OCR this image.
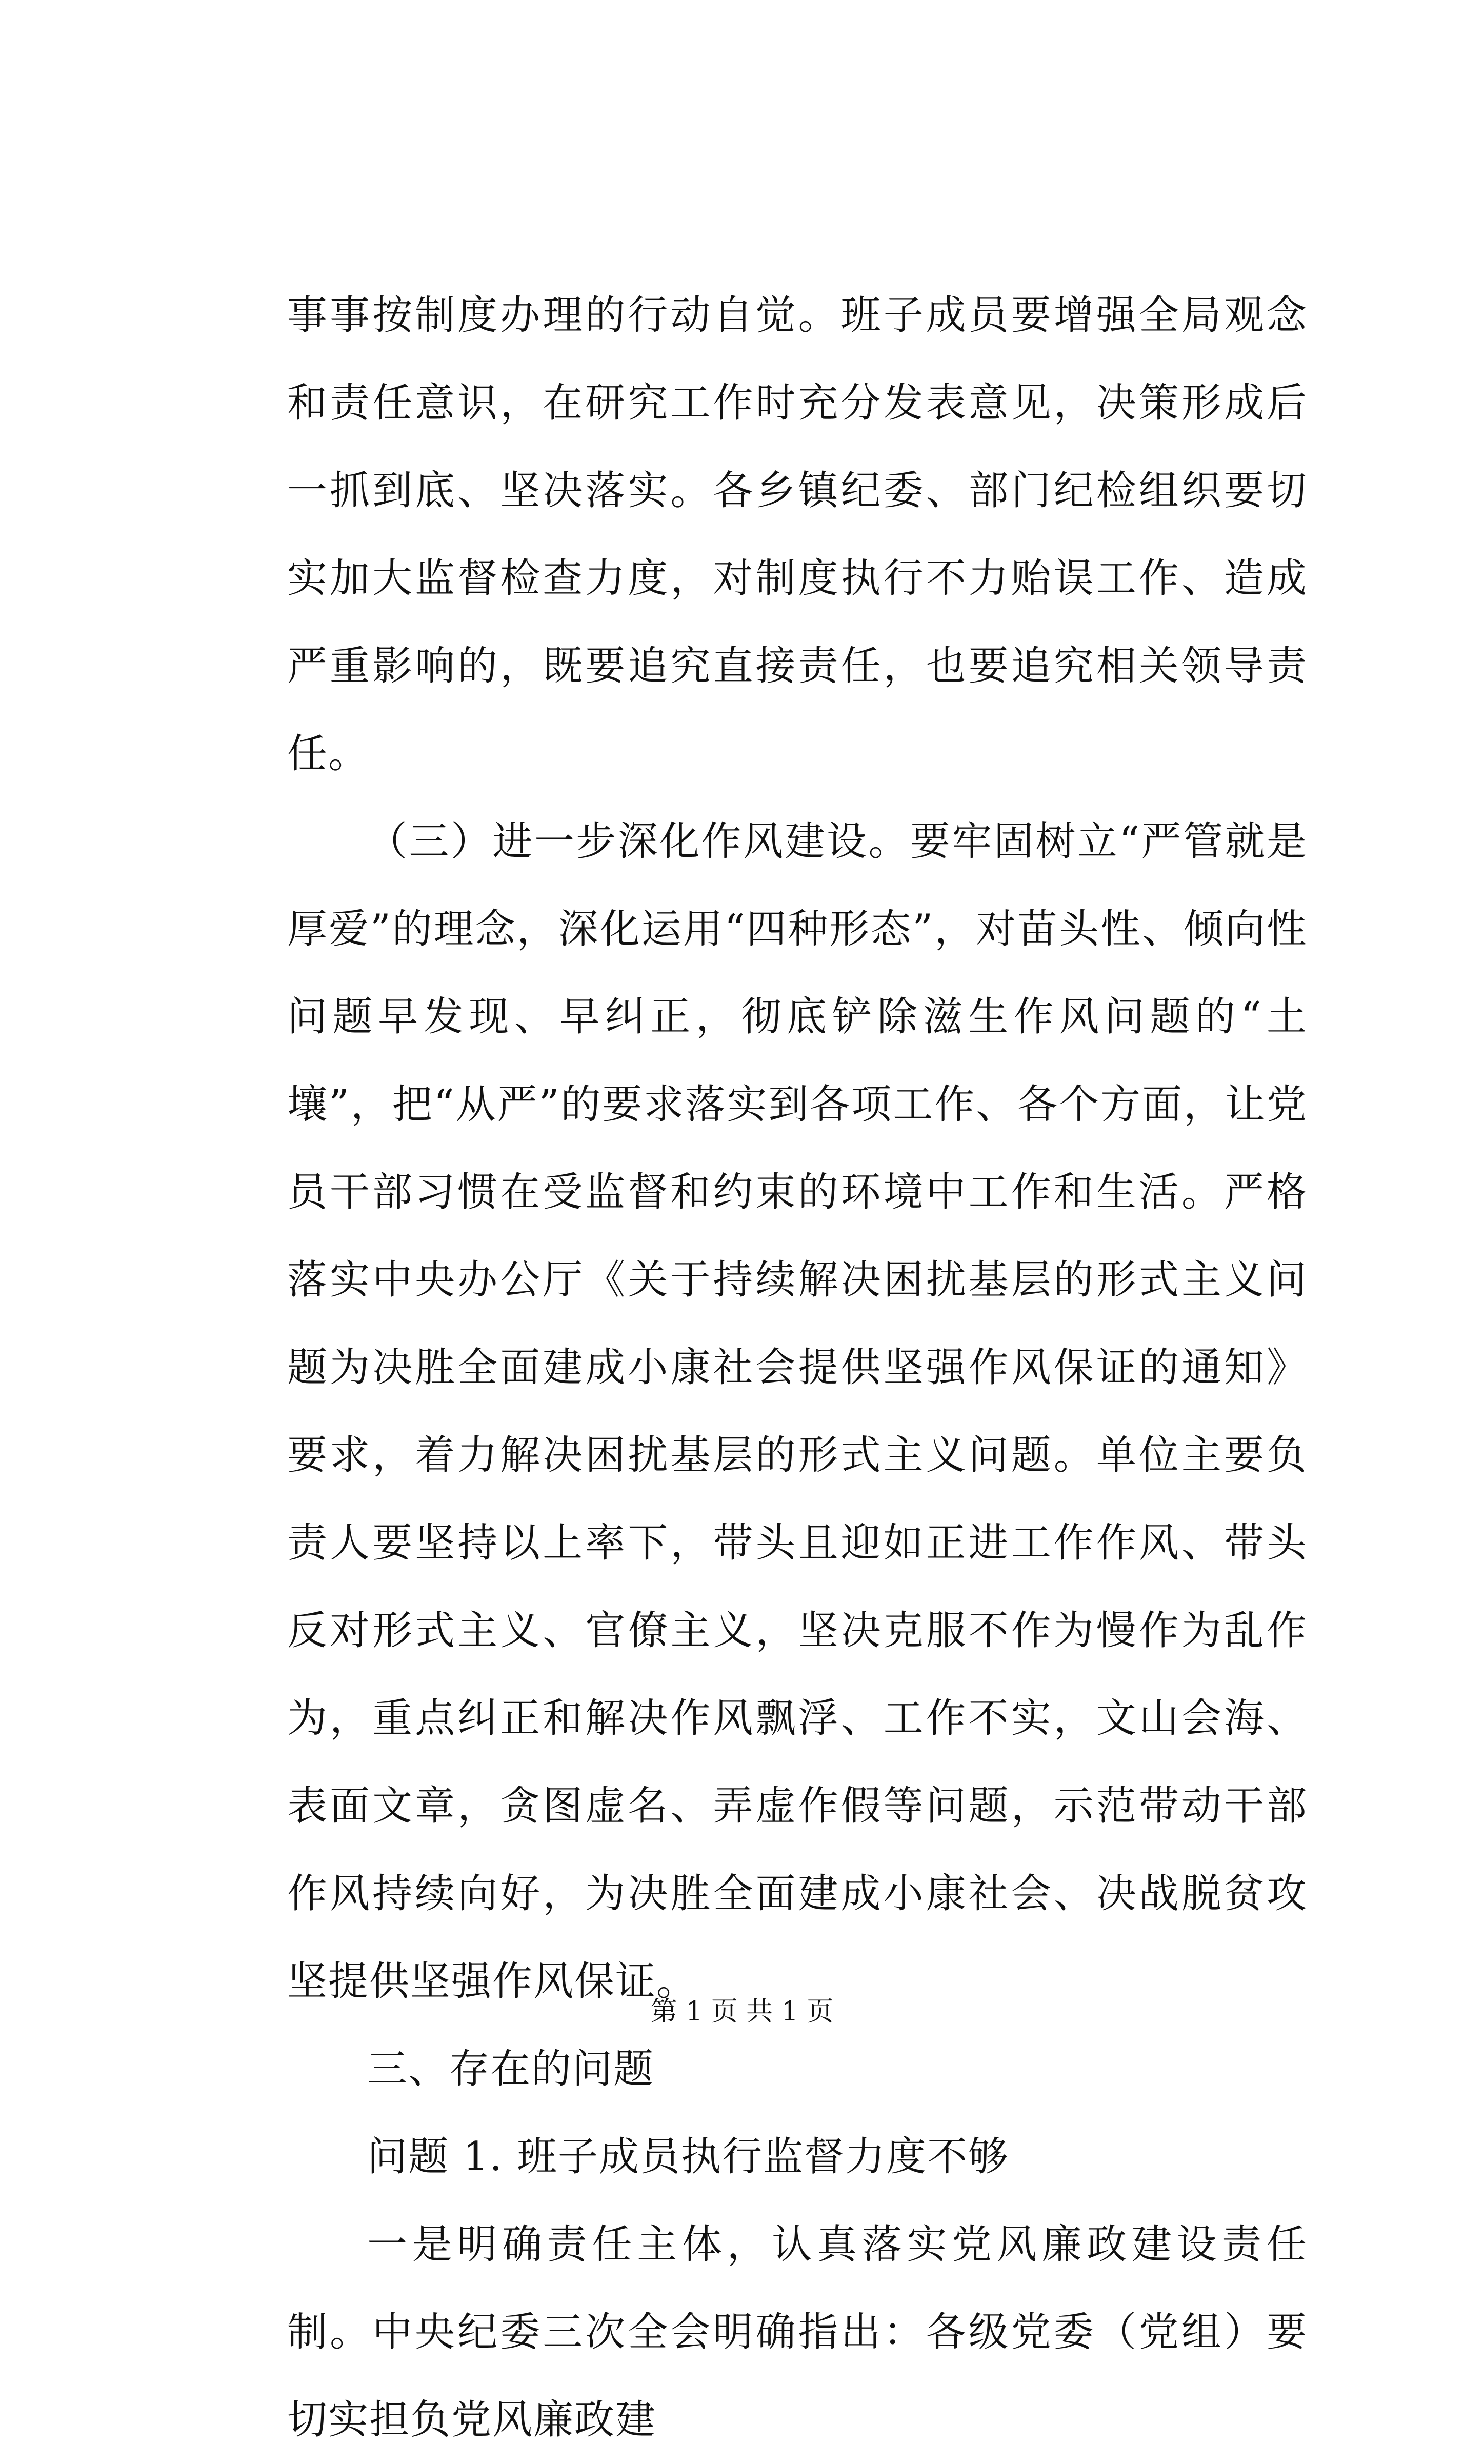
事事按制度办理的行动自觉。班子成员要增强全局观念和责任意识，在研究工作时充分发表意见，决策形成后一抓到底、坚决落实。各乡镇纪委、部门纪检组织要切实加大监督检查力度，对制度执行不力贻误工作、造成严重影响的，既要追究直接责任，也要追究相关领导责任。

（三）进一步深化作风建设。要牢固树立“严管就是厚爱”的理念，深化运用“四种形态”，对苗头性、倾向性问题早发现、早纠正，彻底铲除滋生作风问题的“土壤”，把“从严”的要求落实到各项工作、各个方面，让党员干部习惯在受监督和约束的环境中工作和生活。严格落实中央办公厅《关于持续解决困扰基层的形式主义问题为决胜全面建成小康社会提供坚强作风保证的通知》要求，着力解决困扰基层的形式主义问题。单位主要负责人要坚持以上率下，带头且迎如正进工作作风、带头反对形式主义、官僚主义，坚决克服不作为慢作为乱作为，重点纠正和解决作风飘浮、工作不实，文山会海、表面文章，贪图虚名、弄虚作假等问题，示范带动干部作风持续向好，为决胜全面建成小康社会、决战脱贫攻坚提供坚强作风保证。

三、存在的问题

问题 1. 班子成员执行监督力度不够

一是明确责任主体，认真落实党风廉政建设责任制。中央纪委三次全会明确指出：各级党委（党组）要切实担负党风廉政建

第 1 页 共 1 页
